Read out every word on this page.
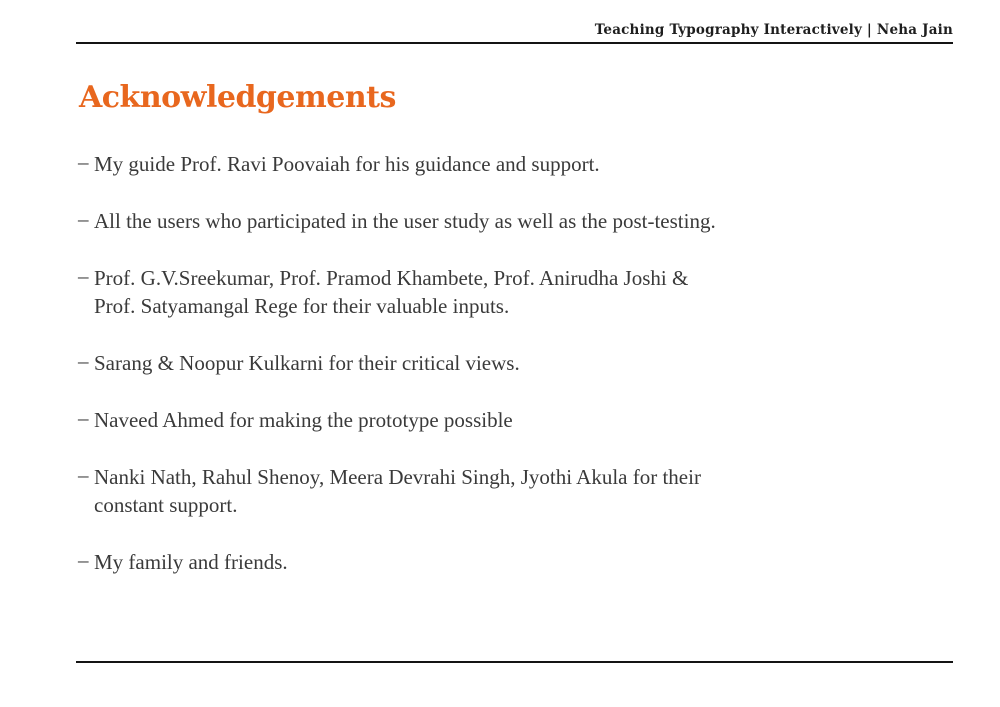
Teaching Typography Interactively | Neha Jain
Acknowledgements
– My guide Prof. Ravi Poovaiah for his guidance and support.
– All the users who participated in the user study as well as the post-testing.
– Prof. G.V.Sreekumar, Prof. Pramod Khambete, Prof. Anirudha Joshi &
Prof. Satyamangal Rege for their valuable inputs.
– Sarang & Noopur Kulkarni for their critical views.
– Naveed Ahmed for making the prototype possible
– Nanki Nath, Rahul Shenoy, Meera Devrahi Singh, Jyothi Akula for their
constant support.
– My family and friends.
